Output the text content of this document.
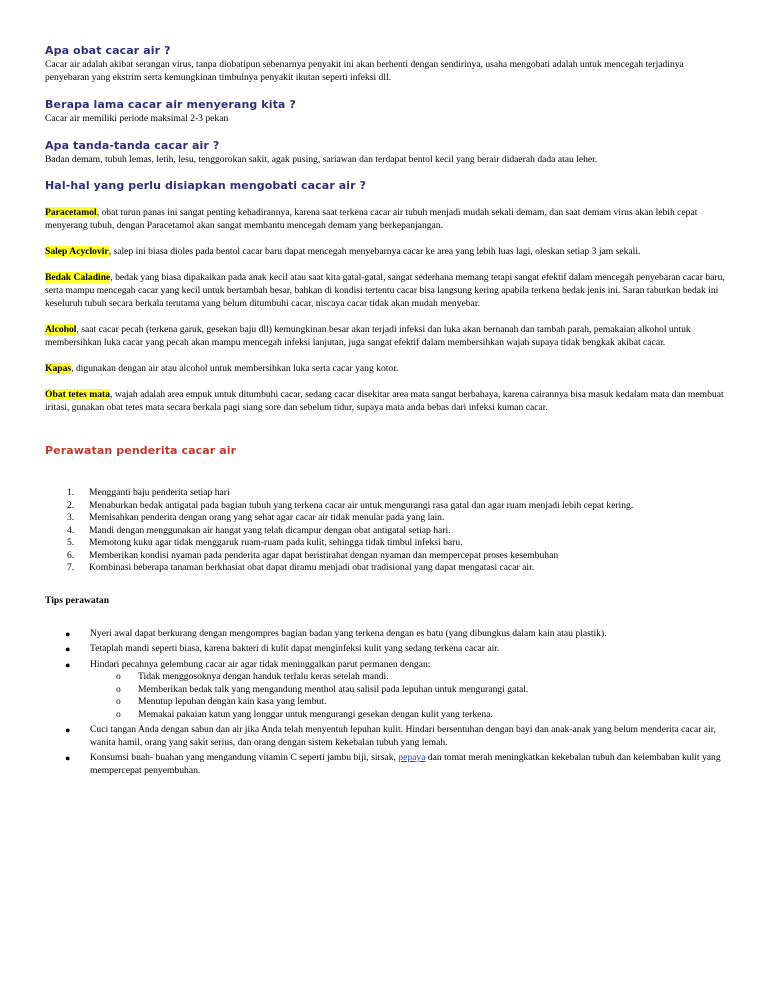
Apa obat cacar air ?

Cacar air adalah akibat serangan virus, tanpa diobatipun sebenarnya penyakit ini akan berhenti dengan sendirinya, usaha mengobati adalah untuk mencegah terjadinya penyebaran yang ekstrim serta kemungkinan timbulnya penyakit ikutan seperti infeksi dll.

Berapa lama cacar air menyerang kita ?

Cacar air memiliki periode maksimal 2-3 pekan

Apa tanda-tanda cacar air ?

Badan demam, tubuh lemas, letih, lesu, tenggorokan sakit, agak pusing, sariawan dan terdapat bentol kecil yang berair didaerah dada atau leher.

Hal-hal yang perlu disiapkan mengobati cacar air ?

Paracetamol, obat turun panas ini sangat penting kehadirannya, karena saat terkena cacar air tubuh menjadi mudah sekali demam, dan saat demam virus akan lebih cepat menyerang tubuh, dengan Paracetamol akan sangat membantu mencegah demam yang berkepanjangan.

Salep Acyclovir, salep ini biasa dioles pada bentol cacar baru dapat mencegah menyebarnya cacar ke area yang lebih luas lagi, oleskan setiap 3 jam sekali.

Bedak Caladine, bedak yang biasa dipakaikan pada anak kecil atau saat kita gatal-gatal, sangat sederhana memang tetapi sangat efektif dalam mencegah penyebaran cacar baru, serta mampu mencegah cacar yang kecil untuk bertambah besar, bahkan di kondisi tertentu cacar bisa langsung kering apabila terkena bedak jenis ini. Saran taburkan bedak ini keseluruh tubuh secara berkala terutama yang belum ditumbuhi cacar, niscaya cacar tidak akan mudah menyebar.

Alcohol, saat cacar pecah (terkena garuk, gesekan baju dll) kemungkinan besar akan terjadi infeksi dan luka akan bernanah dan tambah parah, pemakaian alkohol untuk membersihkan luka cacar yang pecah akan mampu mencegah infeksi lanjutan, juga sangat efektif dalam membersihkan wajah supaya tidak bengkak akibat cacar.

Kapas, digunakan dengan air atau alcohol untuk membersihkan luka serta cacar yang kotor.

Obat tetes mata, wajah adalah area empuk untuk ditumbuhi cacar, sedang cacar disekitar area mata sangat berbahaya, karena cairannya bisa masuk kedalam mata dan membuat iritasi, gunakan obat tetes mata secara berkala pagi siang sore dan sebelum tidur, supaya mata anda bebas dari infeksi kuman cacar.

Perawatan penderita cacar air
1. Mengganti baju penderita setiap hari
2. Menaburkan bedak antigatal pada bagian tubuh yang terkena cacar air untuk mengurangi rasa gatal dan agar ruam menjadi lebih cepat kering.
3. Memisahkan penderita dengan orang yang sehat agar cacar air tidak menular pada yang lain.
4. Mandi dengan menggunakan air hangat yang telah dicampur dengan obat antigatal setiap hari.
5. Memotong kuku agar tidak menggaruk ruam-ruam pada kulit, sehingga tidak timbul infeksi baru.
6. Memberikan kondisi nyaman pada penderita agar dapat beristirahat dengan nyaman dan mempercepat proses kesembuhan
7. Kombinasi beberapa tanaman berkhasiat obat dapat diramu menjadi obat tradisional yang dapat mengatasi cacar air.
Tips perawatan
● Nyeri awal dapat berkurang dengan mengompres bagian badan yang terkena dengan es batu (yang dibungkus dalam kain atau plastik).
● Tetaplah mandi seperti biasa, karena bakteri di kulit dapat menginfeksi kulit yang sedang terkena cacar air.
● Hindari pecahnya gelembung cacar air agar tidak meninggalkan parut permanen dengan:
o Tidak menggosoknya dengan handuk terlalu keras setelah mandi.
o Memberikan bedak talk yang mengandung menthol atau salisil pada lepuhan untuk mengurangi gatal.
o Menutup lepuhan dengan kain kasa yang lembut.
o Memakai pakaian katun yang longgar untuk mengurangi gesekan dengan kulit yang terkena.
● Cuci tangan Anda dengan sabun dan air jika Anda telah menyentuh lepuhan kulit. Hindari bersentuhan dengan bayi dan anak-anak yang belum menderita cacar air, wanita hamil, orang yang sakit serius, dan orang dengan sistem kekebalan tubuh yang lemah.
● Konsumsi buah- buahan yang mengandung vitamin C seperti jambu biji, sirsak, pepaya dan tomat merah meningkatkan kekebalan tubuh dan kelembaban kulit yang mempercepat penyembuhan.
